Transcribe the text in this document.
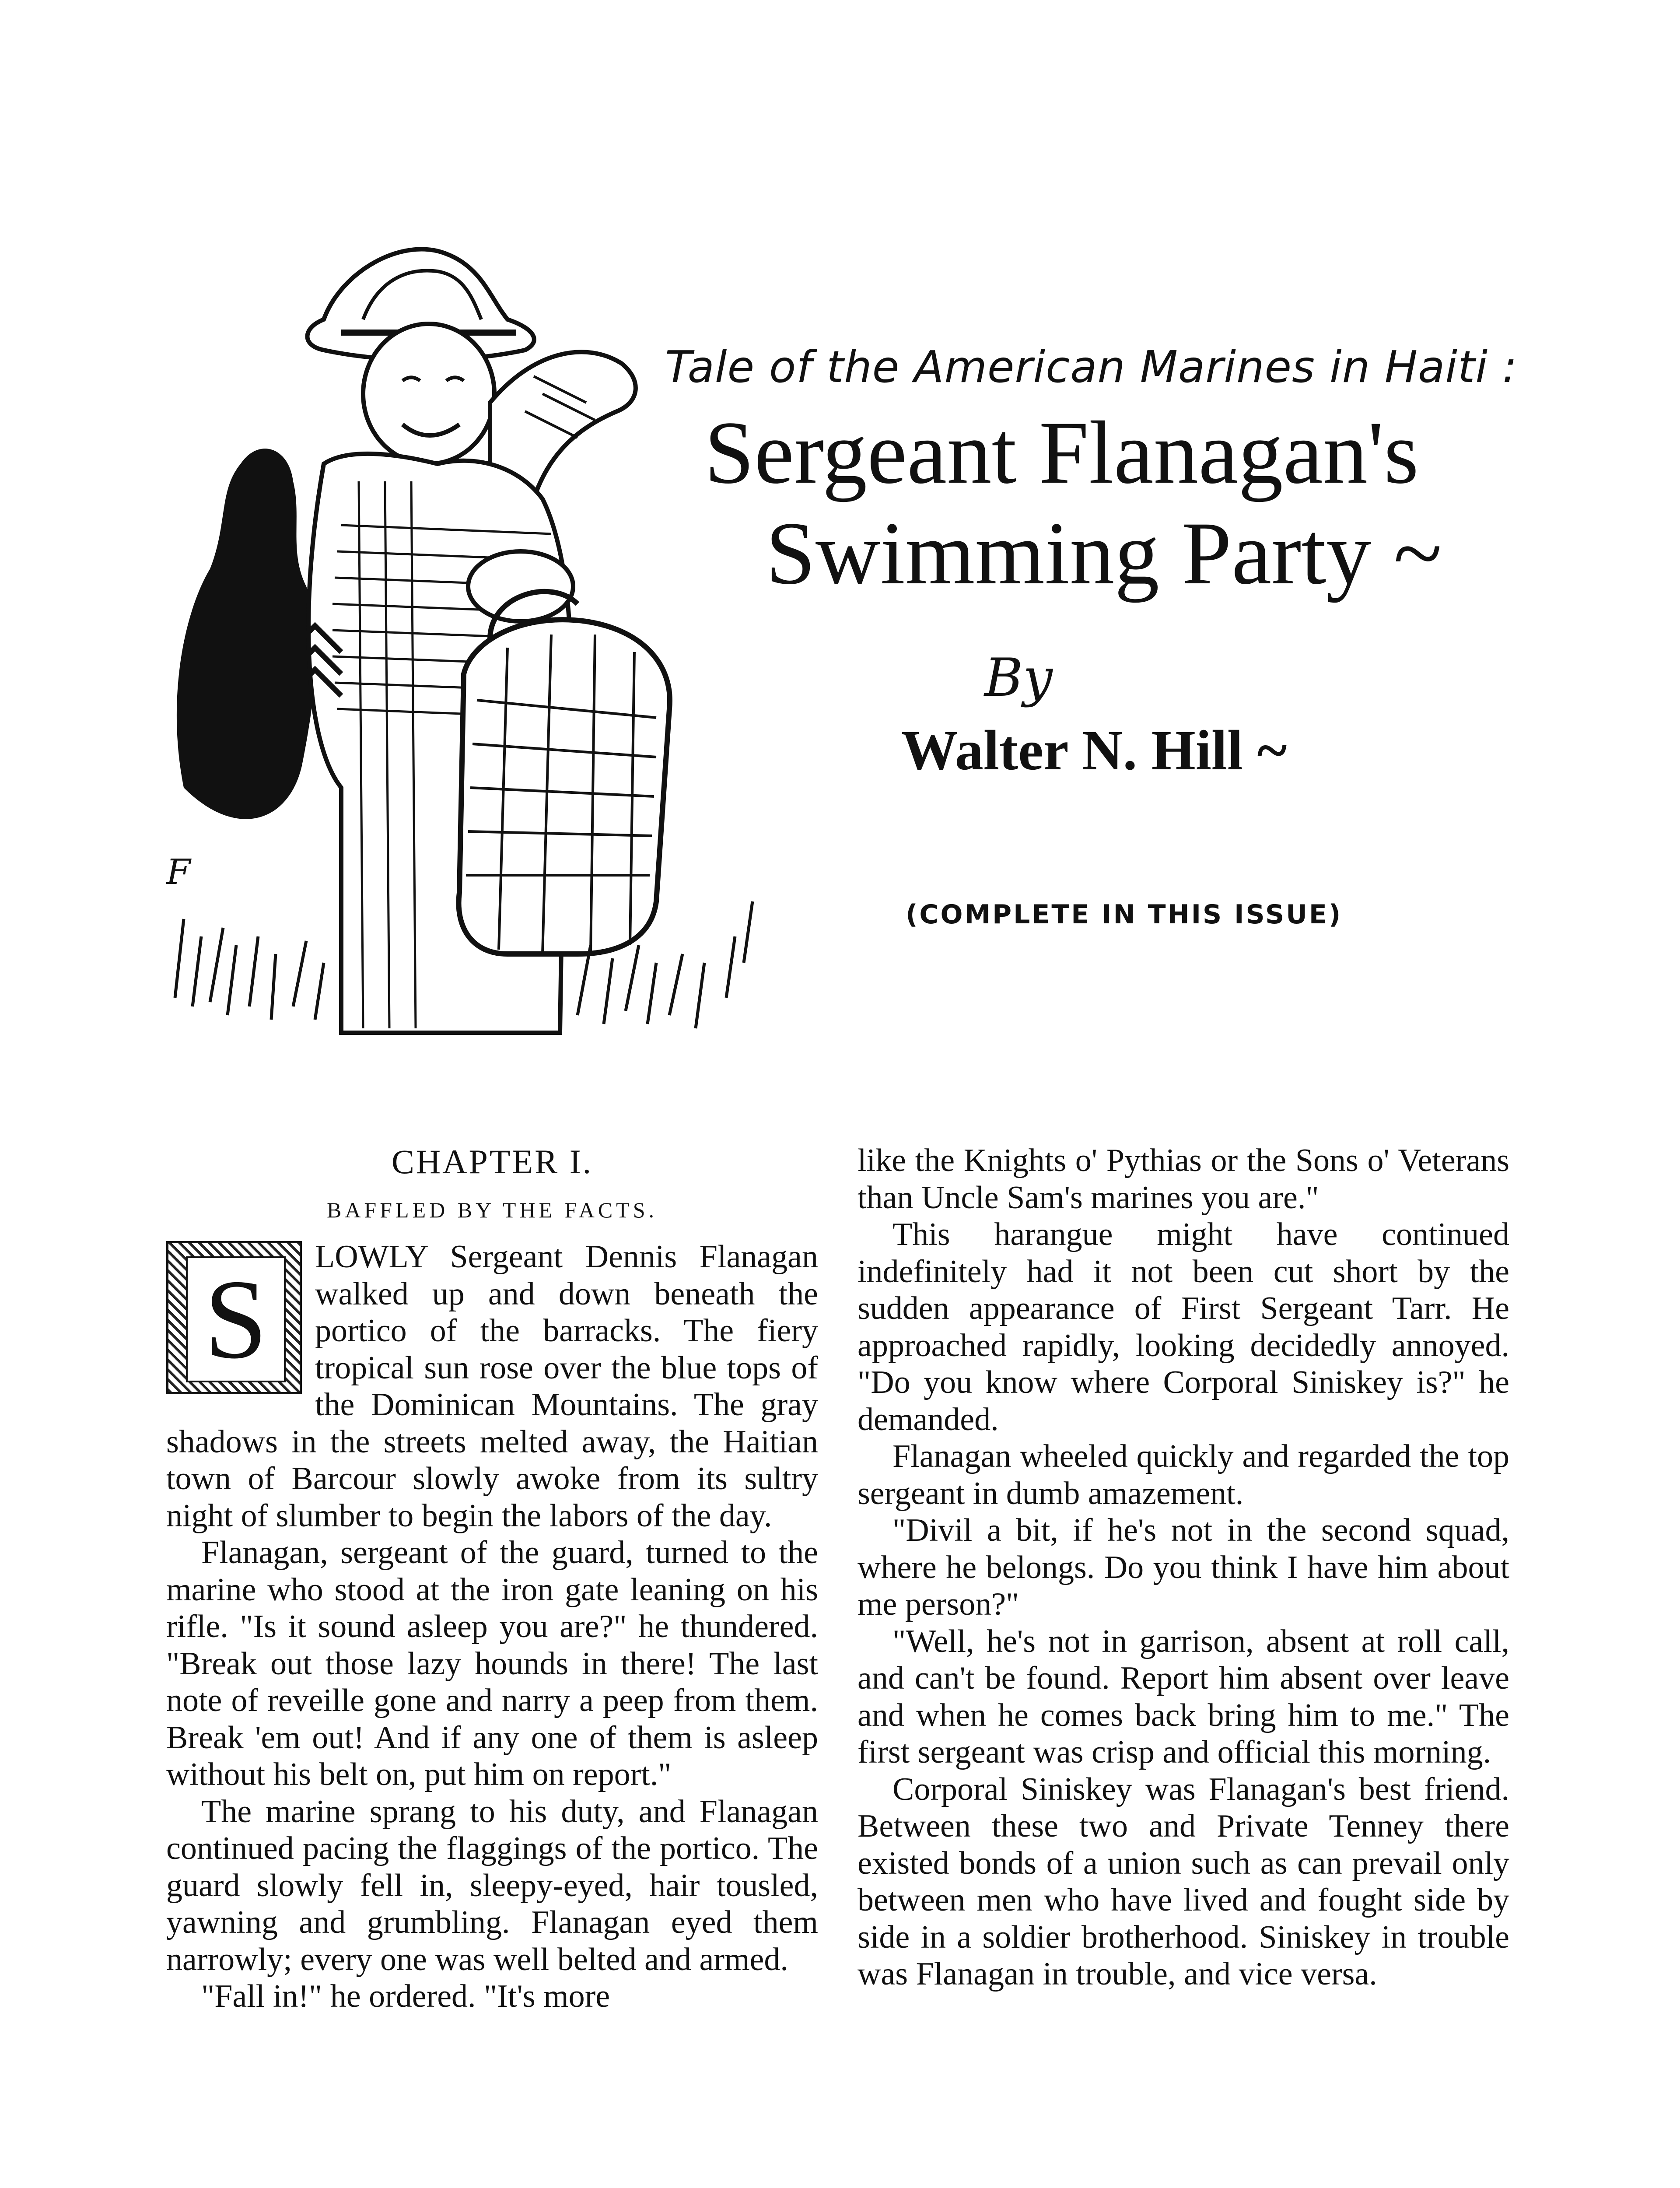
F
Tale of the American Marines in Haiti :
Sergeant Flanagan's
Swimming Party ~
By
Walter N. Hill ~
(COMPLETE IN THIS ISSUE)
CHAPTER I.
BAFFLED BY THE FACTS.

S	LOWLY Sergeant Dennis Flanagan walked up and down beneath the portico of the barracks. The fiery tropical sun rose over the blue tops of the Dominican Mountains. The gray shadows in the streets melted away, the Haitian town of Barcour slowly awoke from its sultry night of slumber to begin the labors of the day.

Flanagan, sergeant of the guard, turned to the marine who stood at the iron gate leaning on his rifle. "Is it sound asleep you are?" he thundered. "Break out those lazy hounds in there! The last note of reveille gone and narry a peep from them. Break 'em out! And if any one of them is asleep without his belt on, put him on report."

The marine sprang to his duty, and Flanagan continued pacing the flaggings of the portico. The guard slowly fell in, sleepy-eyed, hair tousled, yawning and grumbling. Flanagan eyed them narrowly; every one was well belted and armed.

"Fall in!" he ordered. "It's more

like the Knights o' Pythias or the Sons o' Veterans than Uncle Sam's marines you are."

This harangue might have continued indefinitely had it not been cut short by the sudden appearance of First Sergeant Tarr. He approached rapidly, looking decidedly annoyed. "Do you know where Corporal Siniskey is?" he demanded.

Flanagan wheeled quickly and regarded the top sergeant in dumb amazement.

"Divil a bit, if he's not in the second squad, where he belongs. Do you think I have him about me person?"

"Well, he's not in garrison, absent at roll call, and can't be found. Report him absent over leave and when he comes back bring him to me." The first sergeant was crisp and official this morning.

Corporal Siniskey was Flanagan's best friend. Between these two and Private Tenney there existed bonds of a union such as can prevail only between men who have lived and fought side by side in a soldier brotherhood. Siniskey in trouble was Flanagan in trouble, and vice versa.
